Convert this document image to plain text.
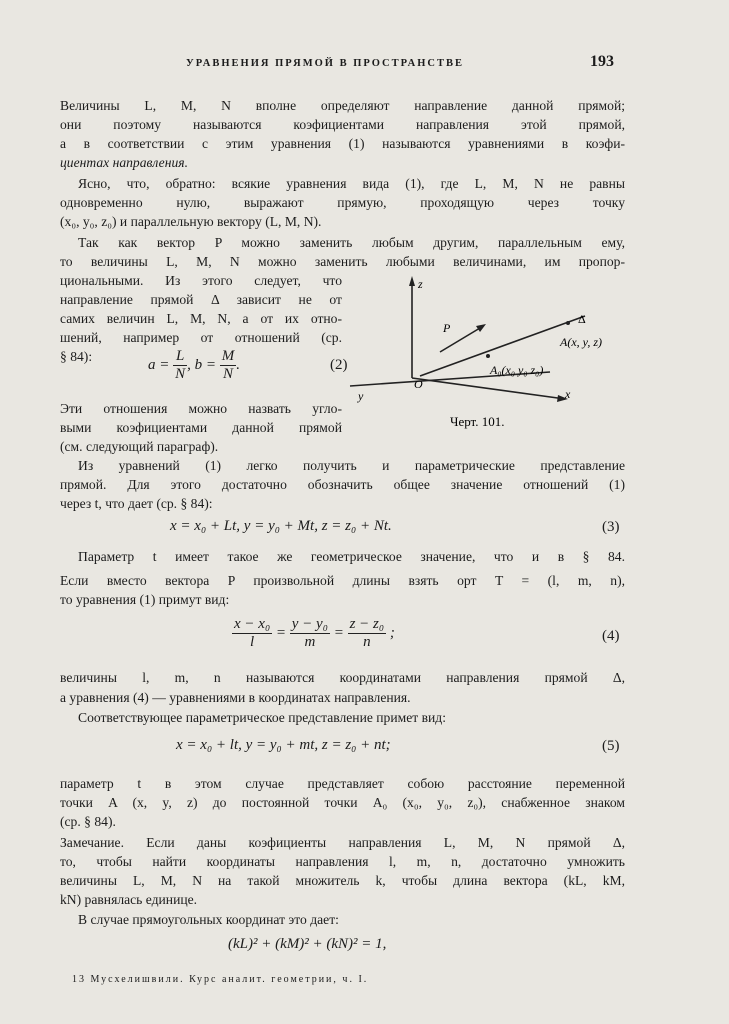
УРАВНЕНИЯ ПРЯМОЙ В ПРОСТРАНСТВЕ	193
Величины L, M, N вполне определяют направление данной прямой;
они поэтому называются коэфициентами направления этой прямой,
а в соответствии с этим уравнения (1) называются уравнениями в коэфи-
циентах направления.
Ясно, что, обратно: всякие уравнения вида (1), где L, M, N не равны
одновременно нулю, выражают прямую, проходящую через точку
(x₀, y₀, z₀) и параллельную вектору (L, M, N).
Так как вектор P можно заменить любым другим, параллельным ему,
то величины L, M, N можно заменить любыми величинами, им пропор-
циональными. Из этого следует, что
направление прямой Δ зависит не от
самих величин L, M, N, а от их отно-
шений, например от отношений (ср.
§ 84):
$a = \frac{L}{N}$ , $b = \frac{M}{N}$ .	(2)
Эти отношения можно назвать угло-
выми коэфициентами данной прямой
(см. следующий параграф).
Из уравнений (1) легко получить и параметрические представление
прямой. Для этого достаточно обозначить общее значение отношений (1)
через t, что дает (ср. § 84):
z
y	x
O
P
Δ
A(x, y, z)
A₀(x₀ y₀ z₀)
Черт. 101.
x = x₀ + Lt, y = y₀ + Mt, z = z₀ + Nt.	(3)
Параметр t имеет такое же геометрическое значение, что и в § 84.
Если вместо вектора P произвольной длины взять орт T = (l, m, n),
то уравнения (1) примут вид:
$\frac{\text{x − x₀}}{l} = \frac{\text{y − y₀}}{m} = \frac{\text{z − z₀}}{n}$ ;	(4)
величины l, m, n называются координатами направления прямой Δ,
а уравнения (4) — уравнениями в координатах направления.
Соответствующее параметрическое представление примет вид:
x = x₀ + lt, y = y₀ + mt, z = z₀ + nt;	(5)
параметр t в этом случае представляет собою расстояние переменной
точки A (x, y, z) до постоянной точки A₀ (x₀, y₀, z₀), снабженное знаком
(ср. § 84).
Замечание. Если даны коэфициенты направления L, M, N прямой Δ,
то, чтобы найти координаты направления l, m, n, достаточно умножить
величины L, M, N на такой множитель k, чтобы длина вектора (kL, kM,
kN) равнялась единице.
В случае прямоугольных координат это дает:
(kL)² + (kM)² + (kN)² = 1,
13 Мусхелишвили. Курс аналит. геометрии, ч. I.
